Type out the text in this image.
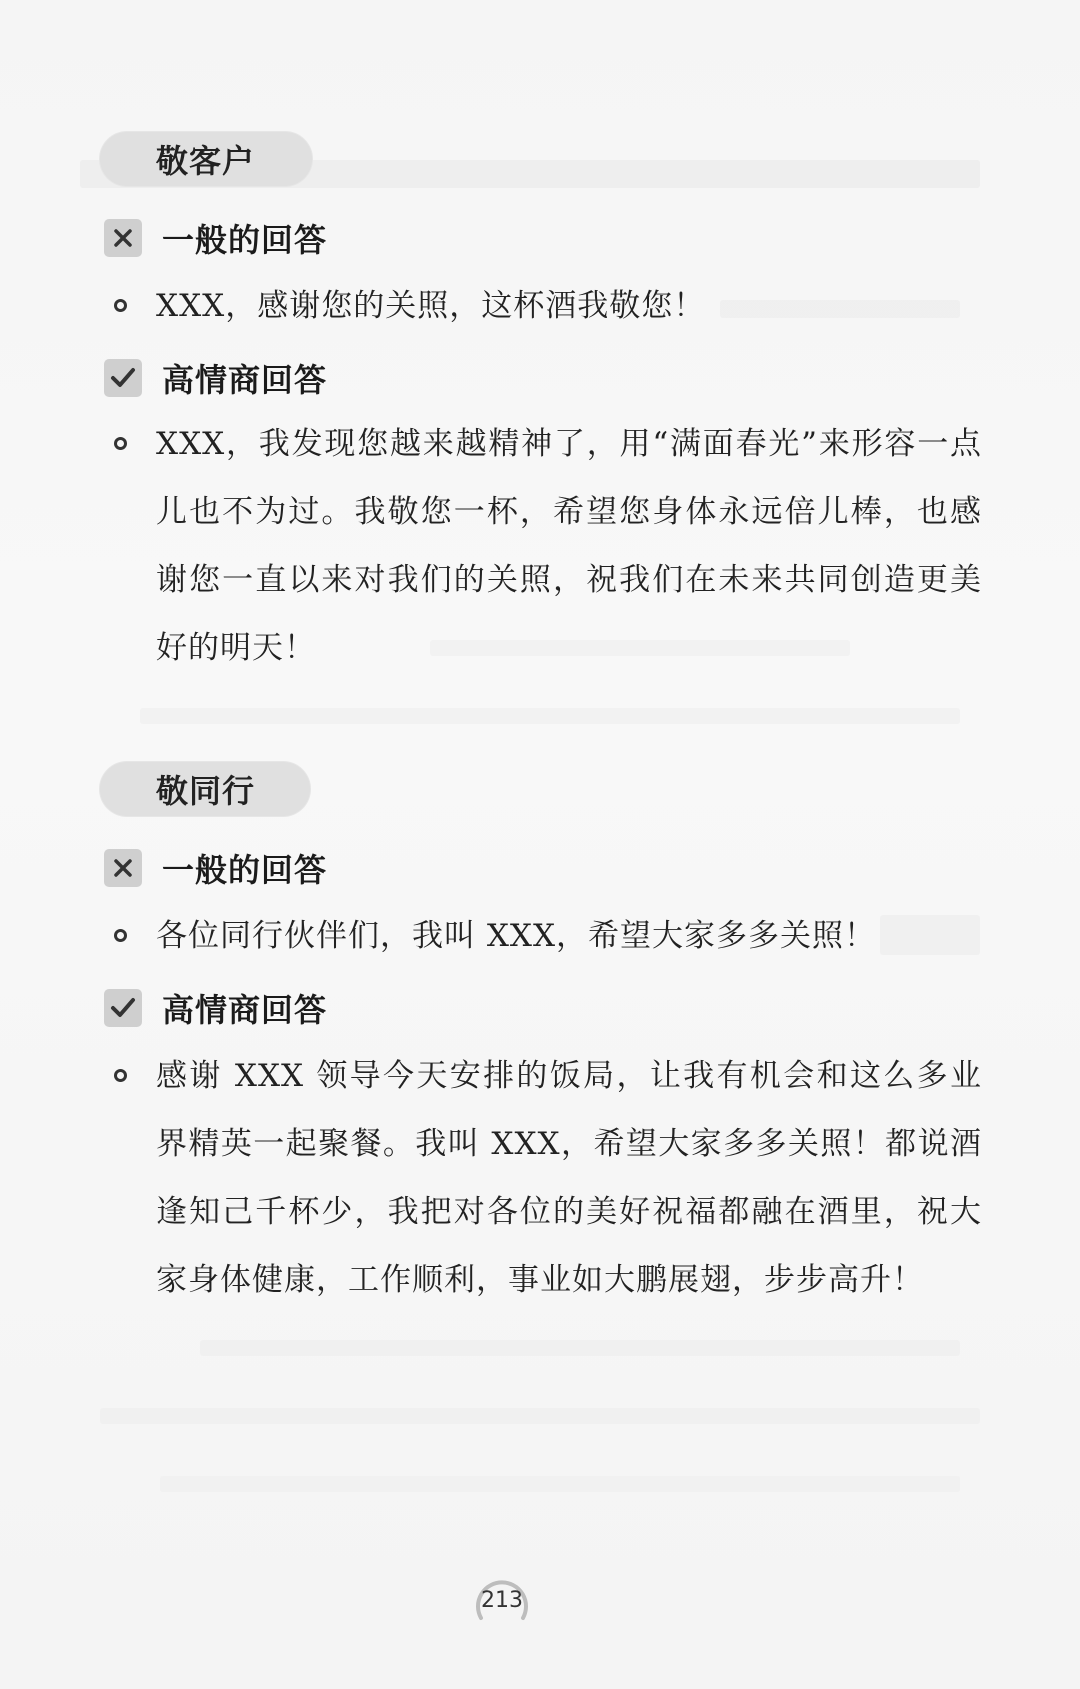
敬客户
一般的回答
XXX，感谢您的关照，这杯酒我敬您！
高情商回答
XXX，我发现您越来越精神了，用“满面春光”来形容一点儿也不为过。我敬您一杯，希望您身体永远倍儿棒，也感谢您一直以来对我们的关照，祝我们在未来共同创造更美好的明天！
敬同行
一般的回答
各位同行伙伴们，我叫 XXX，希望大家多多关照！
高情商回答
感谢 XXX 领导今天安排的饭局，让我有机会和这么多业界精英一起聚餐。我叫 XXX，希望大家多多关照！都说酒逢知己千杯少，我把对各位的美好祝福都融在酒里，祝大家身体健康，工作顺利，事业如大鹏展翅，步步高升！
213
